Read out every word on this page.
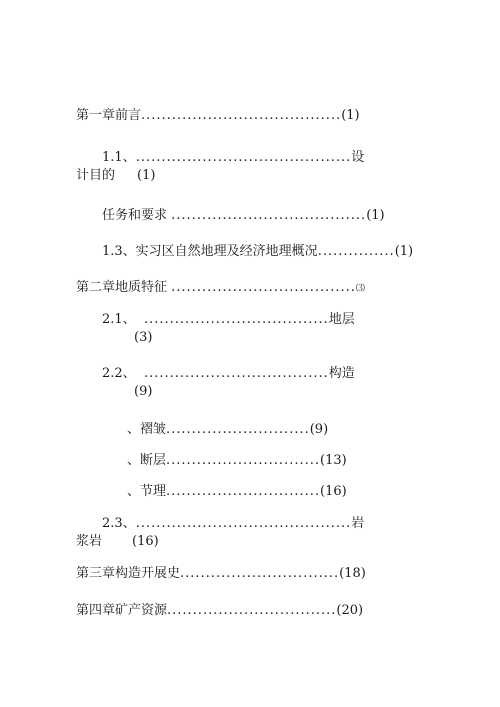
第一章前言.......................................(1)
1.1、..........................................设
计目的 (1)
任务和要求 ......................................(1)
1.3、实习区自然地理及经济地理概况...............(1)
第二章地质特征 ....................................⑶
2.1、 ....................................地层
(3)
2.2、 ....................................构造
(9)
、褶皱............................(9)
、断层..............................(13)
、节理..............................(16)
2.3、..........................................岩
浆岩 (16)
第三章构造开展史...............................(18)
第四章矿产资源.................................(20)
